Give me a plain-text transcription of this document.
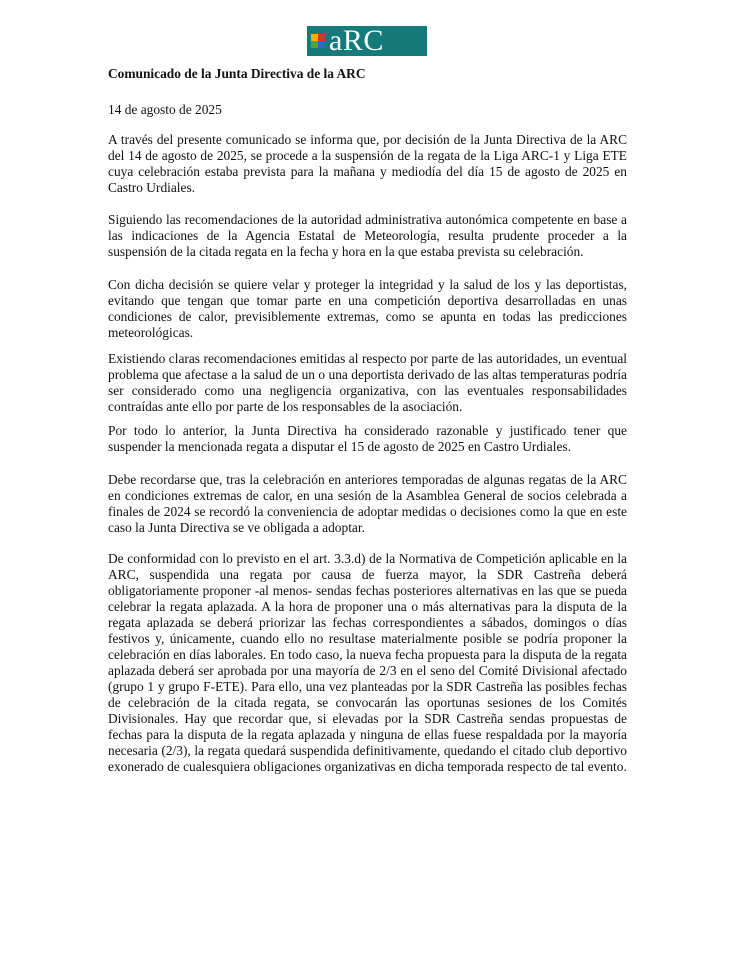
aRC

Comunicado de la Junta Directiva de la ARC

14 de agosto de 2025

A través del presente comunicado se informa que, por decisión de la Junta Directiva de la ARC del 14 de agosto de 2025, se procede a la suspensión de la regata de la Liga ARC-1 y Liga ETE cuya celebración estaba prevista para la mañana y mediodía del día 15 de agosto de 2025 en Castro Urdiales.

Siguiendo las recomendaciones de la autoridad administrativa autonómica competente en base a las indicaciones de la Agencia Estatal de Meteorología, resulta prudente proceder a la suspensión de la citada regata en la fecha y hora en la que estaba prevista su celebración.

Con dicha decisión se quiere velar y proteger la integridad y la salud de los y las deportistas, evitando que tengan que tomar parte en una competición deportiva desarrolladas en unas condiciones de calor, previsiblemente extremas, como se apunta en todas las predicciones meteorológicas.

Existiendo claras recomendaciones emitidas al respecto por parte de las autoridades, un eventual problema que afectase a la salud de un o una deportista derivado de las altas temperaturas podría ser considerado como una negligencia organizativa, con las eventuales responsabilidades contraídas ante ello por parte de los responsables de la asociación.

Por todo lo anterior, la Junta Directiva ha considerado razonable y justificado tener que suspender la mencionada regata a disputar el 15 de agosto de 2025 en Castro Urdiales.

Debe recordarse que, tras la celebración en anteriores temporadas de algunas regatas de la ARC en condiciones extremas de calor, en una sesión de la Asamblea General de socios celebrada a finales de 2024 se recordó la conveniencia de adoptar medidas o decisiones como la que en este caso la Junta Directiva se ve obligada a adoptar.

De conformidad con lo previsto en el art. 3.3.d) de la Normativa de Competición aplicable en la ARC, suspendida una regata por causa de fuerza mayor, la SDR Castreña deberá obligatoriamente proponer -al menos- sendas fechas posteriores alternativas en las que se pueda celebrar la regata aplazada. A la hora de proponer una o más alternativas para la disputa de la regata aplazada se deberá priorizar las fechas correspondientes a sábados, domingos o días festivos y, únicamente, cuando ello no resultase materialmente posible se podría proponer la celebración en días laborales. En todo caso, la nueva fecha propuesta para la disputa de la regata aplazada deberá ser aprobada por una mayoría de 2/3 en el seno del Comité Divisional afectado (grupo 1 y grupo F-ETE). Para ello, una vez planteadas por la SDR Castreña las posibles fechas de celebración de la citada regata, se convocarán las oportunas sesiones de los Comités Divisionales. Hay que recordar que, si elevadas por la SDR Castreña sendas propuestas de fechas para la disputa de la regata aplazada y ninguna de ellas fuese respaldada por la mayoría necesaria (2/3), la regata quedará suspendida definitivamente, quedando el citado club deportivo exonerado de cualesquiera obligaciones organizativas en dicha temporada respecto de tal evento.
